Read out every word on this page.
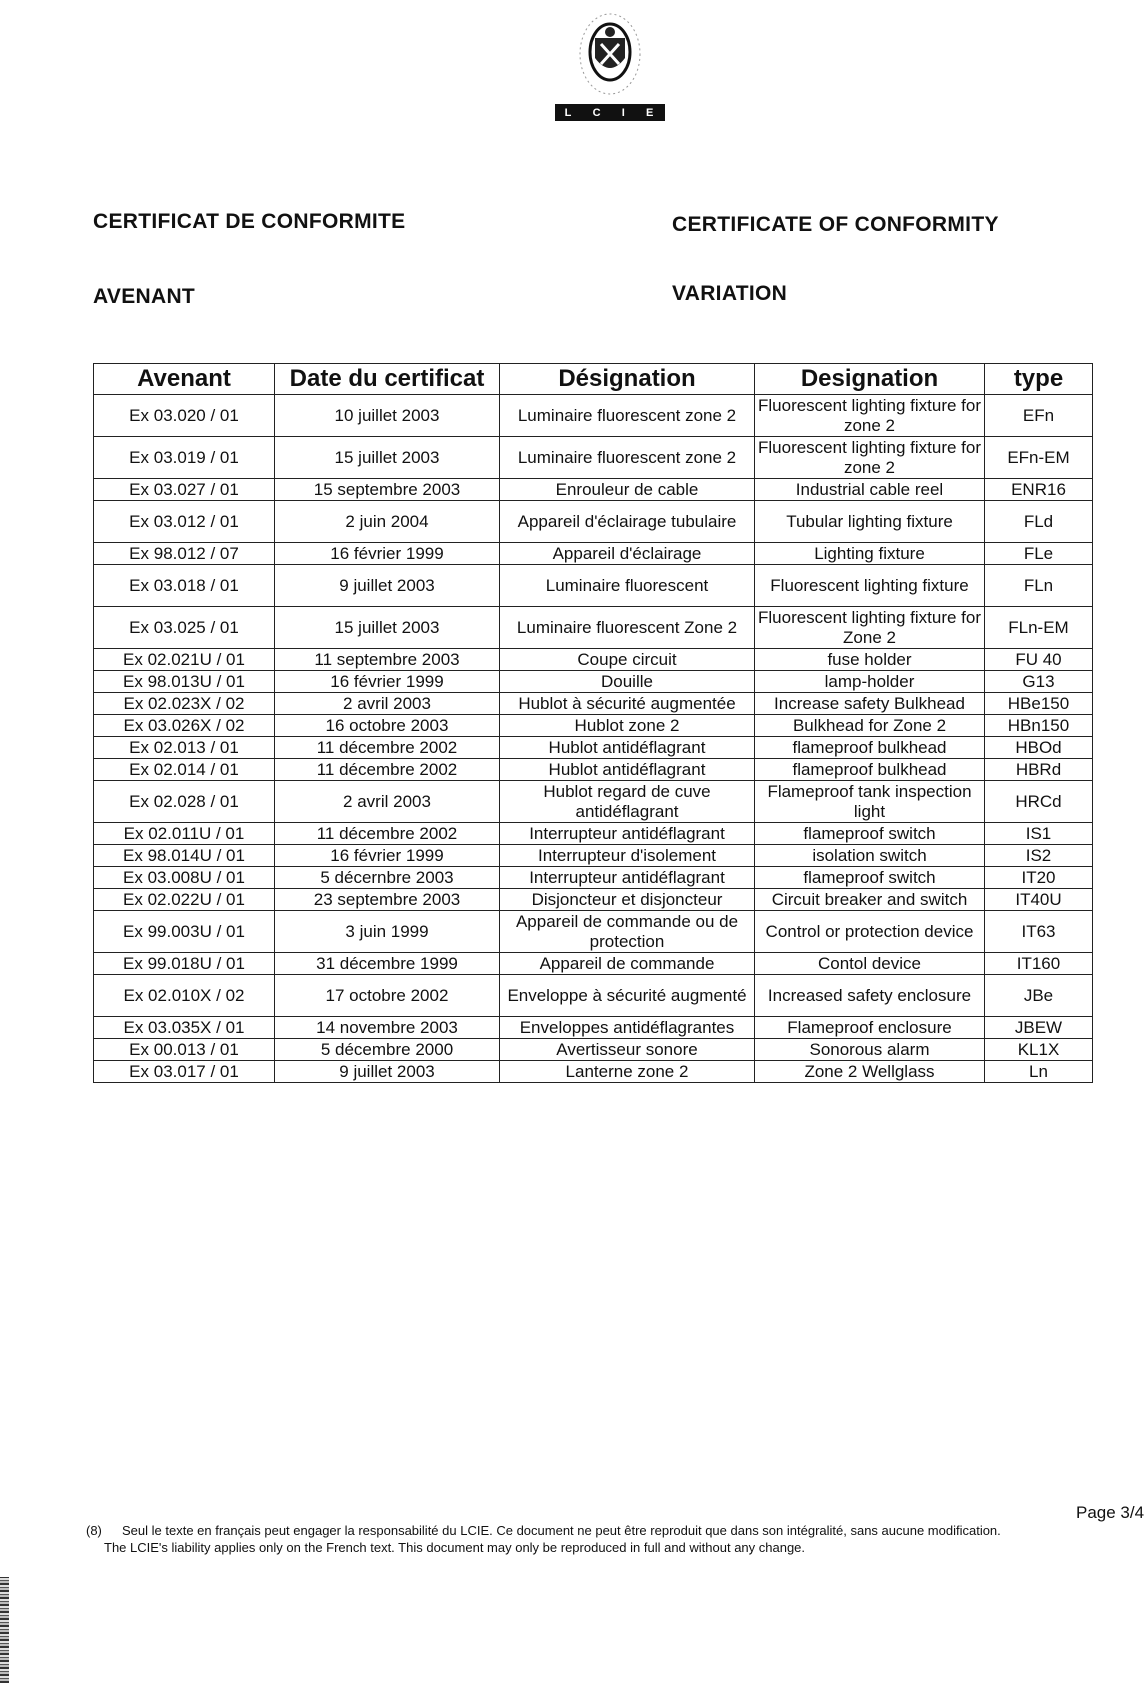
L C I E
CERTIFICAT DE CONFORMITE	CERTIFICATE OF CONFORMITY
AVENANT	VARIATION
Avenant	Date du certificat	Désignation	Designation	type
Ex 03.020 / 01	10 juillet 2003	Luminaire fluorescent zone 2	Fluorescent lighting fixture for zone 2	EFn
Ex 03.019 / 01	15 juillet 2003	Luminaire fluorescent zone 2	Fluorescent lighting fixture for zone 2	EFn-EM
Ex 03.027 / 01	15 septembre 2003	Enrouleur de cable	Industrial cable reel	ENR16
Ex 03.012 / 01	2 juin 2004	Appareil d'éclairage tubulaire	Tubular lighting fixture	FLd
Ex 98.012 / 07	16 février 1999	Appareil d'éclairage	Lighting fixture	FLe
Ex 03.018 / 01	9 juillet 2003	Luminaire fluorescent	Fluorescent lighting fixture	FLn
Ex 03.025 / 01	15 juillet 2003	Luminaire fluorescent Zone 2	Fluorescent lighting fixture for Zone 2	FLn-EM
Ex 02.021U / 01	11 septembre 2003	Coupe circuit	fuse holder	FU 40
Ex 98.013U / 01	16 février 1999	Douille	lamp-holder	G13
Ex 02.023X / 02	2 avril 2003	Hublot à sécurité augmentée	Increase safety Bulkhead	HBe150
Ex 03.026X / 02	16 octobre 2003	Hublot zone 2	Bulkhead for Zone 2	HBn150
Ex 02.013 / 01	11 décembre 2002	Hublot antidéflagrant	flameproof bulkhead	HBOd
Ex 02.014 / 01	11 décembre 2002	Hublot antidéflagrant	flameproof bulkhead	HBRd
Ex 02.028 / 01	2 avril 2003	Hublot regard de cuve antidéflagrant	Flameproof tank inspection light	HRCd
Ex 02.011U / 01	11 décembre 2002	Interrupteur antidéflagrant	flameproof switch	IS1
Ex 98.014U / 01	16 février 1999	Interrupteur d'isolement	isolation switch	IS2
Ex 03.008U / 01	5 décernbre 2003	Interrupteur antidéflagrant	flameproof switch	IT20
Ex 02.022U / 01	23 septembre 2003	Disjoncteur et disjoncteur	Circuit breaker and switch	IT40U
Ex 99.003U / 01	3 juin 1999	Appareil de commande ou de protection	Control or protection device	IT63
Ex 99.018U / 01	31 décembre 1999	Appareil de commande	Contol device	IT160
Ex 02.010X / 02	17 octobre 2002	Enveloppe à sécurité augmenté	Increased safety enclosure	JBe
Ex 03.035X / 01	14 novembre 2003	Enveloppes antidéflagrantes	Flameproof enclosure	JBEW
Ex 00.013 / 01	5 décembre 2000	Avertisseur sonore	Sonorous alarm	KL1X
Ex 03.017 / 01	9 juillet 2003	Lanterne zone 2	Zone 2 Wellglass	Ln
Page 3/4
(8) Seul le texte en français peut engager la responsabilité du LCIE. Ce document ne peut être reproduit que dans son intégralité, sans aucune modification.
The LCIE's liability applies only on the French text. This document may only be reproduced in full and without any change.
